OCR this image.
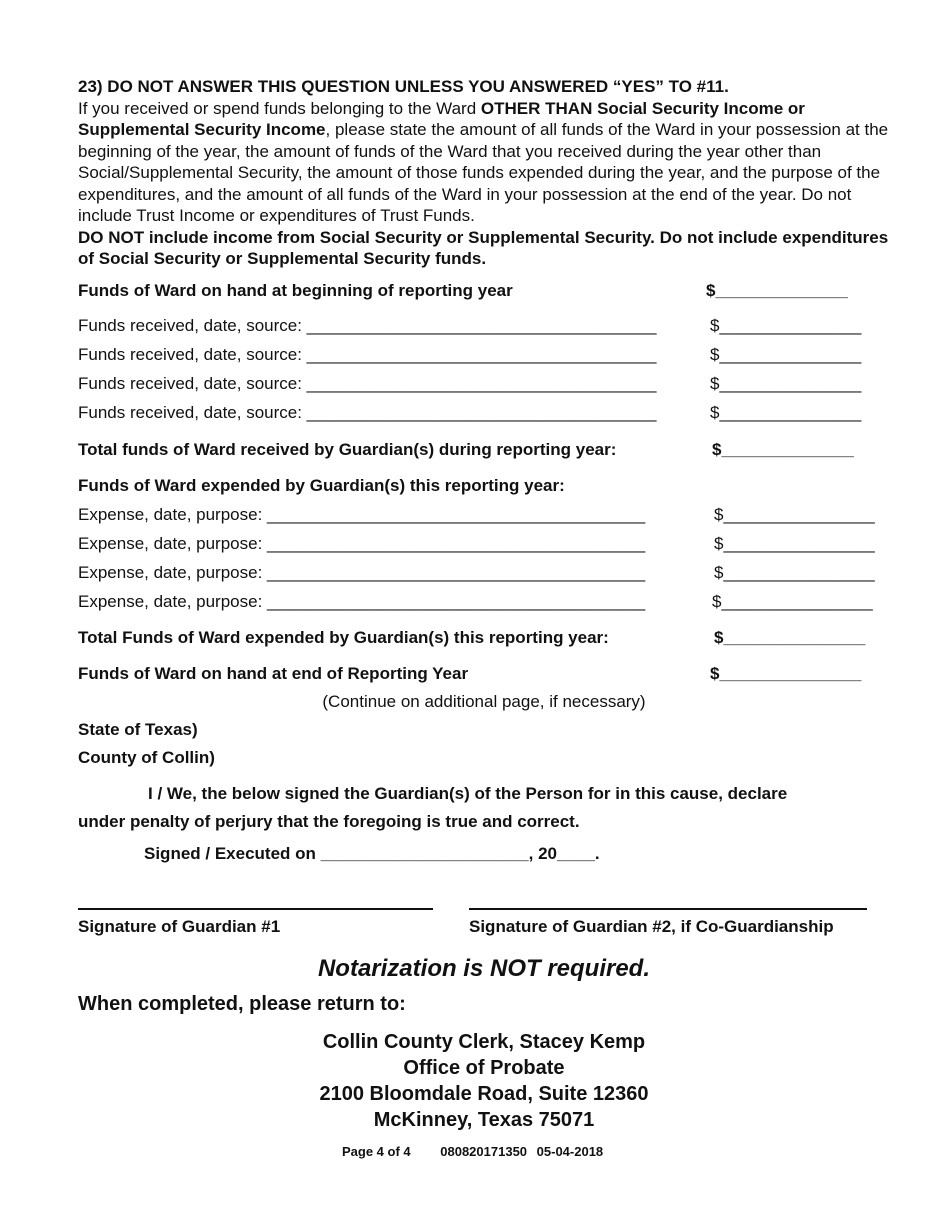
23) DO NOT ANSWER THIS QUESTION UNLESS YOU ANSWERED “YES” TO #11.
If you received or spend funds belonging to the Ward OTHER THAN Social Security Income or Supplemental Security Income, please state the amount of all funds of the Ward in your possession at the beginning of the year, the amount of funds of the Ward that you received during the year other than Social/Supplemental Security, the amount of those funds expended during the year, and the purpose of the expenditures, and the amount of all funds of the Ward in your possession at the end of the year. Do not include Trust Income or expenditures of Trust Funds.
DO NOT include income from Social Security or Supplemental Security. Do not include expenditures of Social Security or Supplemental Security funds.
Funds of Ward on hand at beginning of reporting year	$______________
Funds received, date, source: _____________________________________	$_______________
Funds received, date, source: _____________________________________	$_______________
Funds received, date, source: _____________________________________	$_______________
Funds received, date, source: _____________________________________	$_______________
Total funds of Ward received by Guardian(s) during reporting year:	$______________
Funds of Ward expended by Guardian(s) this reporting year:
Expense, date, purpose: ________________________________________	$________________
Expense, date, purpose: ________________________________________	$________________
Expense, date, purpose: ________________________________________	$________________
Expense, date, purpose: ________________________________________	$________________
Total Funds of Ward expended by Guardian(s) this reporting year:	$_______________
Funds of Ward on hand at end of Reporting Year	$_______________
(Continue on additional page, if necessary)
State of Texas)
County of Collin)
I / We, the below signed the Guardian(s) of the Person for in this cause, declare
under penalty of perjury that the foregoing is true and correct.
Signed / Executed on ______________________, 20____.
Signature of Guardian #1	Signature of Guardian #2, if Co-Guardianship
Notarization is NOT required.
When completed, please return to:
Collin County Clerk, Stacey Kemp
Office of Probate
2100 Bloomdale Road, Suite 12360
McKinney, Texas 75071
Page 4 of 4 080820171350 05-04-2018
